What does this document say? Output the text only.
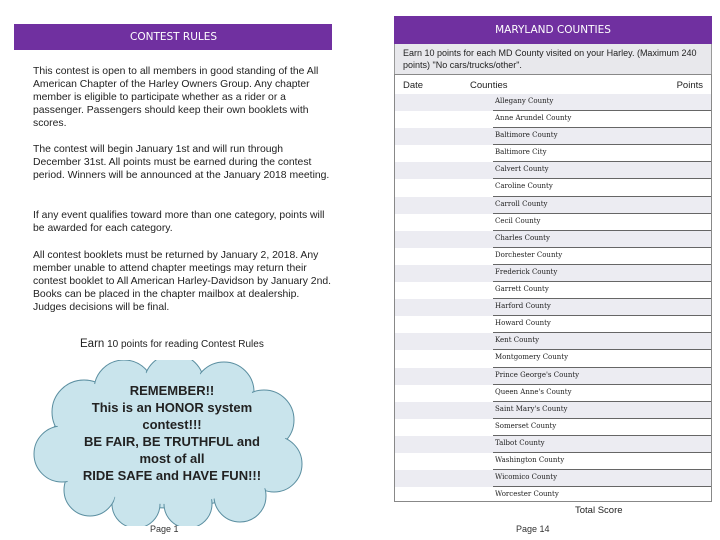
CONTEST RULES

This contest is open to all members in good standing of the All American Chapter of the Harley Owners Group. Any chapter member is eligible to participate whether as a rider or a passenger. Passengers should keep their own booklets with scores.

The contest will begin January 1st and will run through December 31st. All points must be earned during the contest period. Winners will be announced at the January 2018 meeting.

If any event qualifies toward more than one category, points will be awarded for each category.

All contest booklets must be returned by January 2, 2018. Any member unable to attend chapter meetings may return their contest booklet to All American Harley-Davidson by January 2nd. Books can be placed in the chapter mailbox at dealership. Judges decisions will be final.

Earn 10 points for reading Contest Rules
REMEMBER!!
This is an HONOR system contest!!!
BE FAIR, BE TRUTHFUL and most of all
RIDE SAFE and HAVE FUN!!!
Page 1
MARYLAND COUNTIES
Earn 10 points for each MD County visited on your Harley. (Maximum 240 points) "No cars/trucks/other".
Date	Counties	Points
Allegany County
Anne Arundel County
Baltimore County
Baltimore City
Calvert County
Caroline County
Carroll County
Cecil County
Charles County
Dorchester County
Frederick County
Garrett County
Harford County
Howard County
Kent County
Montgomery County
Prince George's County
Queen Anne's County
Saint Mary's County
Somerset County
Talbot County
Washington County
Wicomico County
Worcester County
Total Score
Page 14
